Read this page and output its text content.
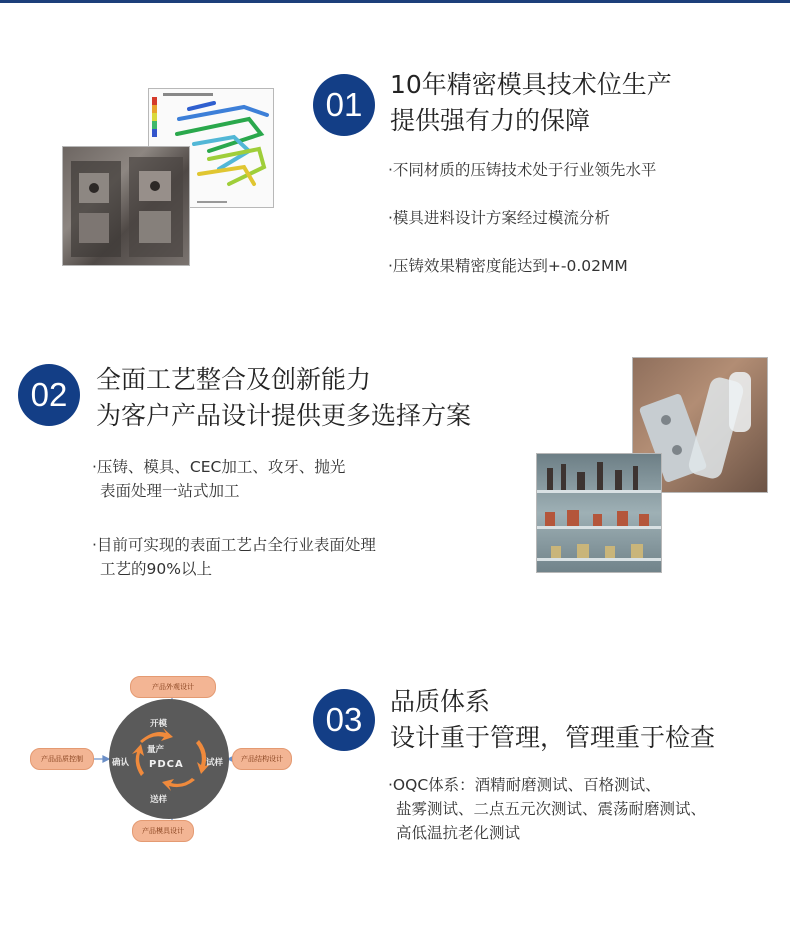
01
10年精密模具技术位生产
提供强有力的保障
·不同材质的压铸技术处于行业领先水平
·模具进料设计方案经过模流分析
·压铸效果精密度能达到+-0.02MM
02	全面工艺整合及创新能力
为客户产品设计提供更多选择方案
·压铸、模具、CEC加工、攻牙、抛光
表面处理一站式加工
·目前可实现的表面工艺占全行业表面处理
工艺的90%以上
产品外观设计
产品品质控制	产品结构设计
产品模具设计
开模
试样
送样
确认
量产
PDCA
03	品质体系
设计重于管理，管理重于检查
·OQC体系：酒精耐磨测试、百格测试、
盐雾测试、二点五元次测试、震荡耐磨测试、
高低温抗老化测试
